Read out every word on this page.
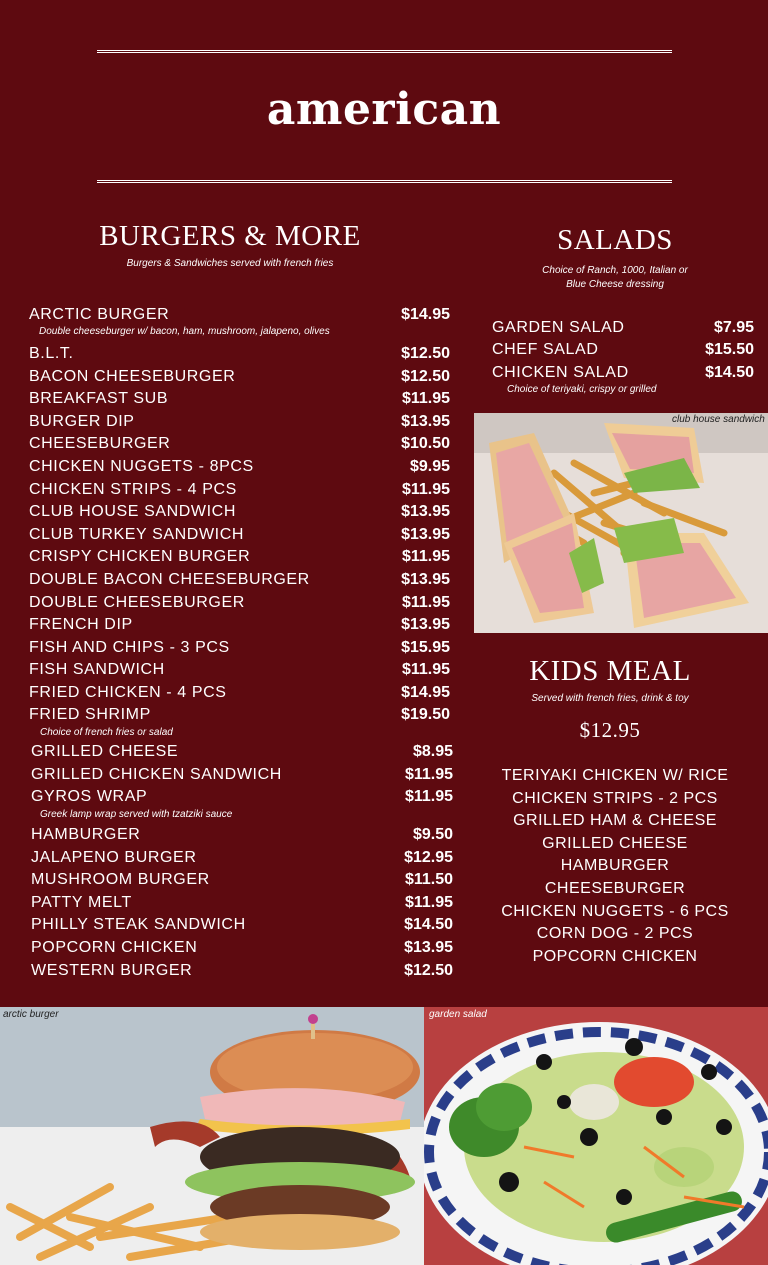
american
BURGERS & MORE
Burgers & Sandwiches served with french fries
ARCTIC BURGER	$14.95
Double cheeseburger w/ bacon, ham, mushroom, jalapeno, olives
B.L.T.	$12.50
BACON CHEESEBURGER	$12.50
BREAKFAST SUB	$11.95
BURGER DIP	$13.95
CHEESEBURGER	$10.50
CHICKEN NUGGETS - 8PCS	$9.95
CHICKEN STRIPS - 4 PCS	$11.95
CLUB HOUSE SANDWICH	$13.95
CLUB TURKEY SANDWICH	$13.95
CRISPY CHICKEN BURGER	$11.95
DOUBLE BACON CHEESEBURGER	$13.95
DOUBLE CHEESEBURGER	$11.95
FRENCH DIP	$13.95
FISH AND CHIPS - 3 PCS	$15.95
FISH SANDWICH	$11.95
FRIED CHICKEN - 4 PCS	$14.95
FRIED SHRIMP	$19.50
Choice of french fries or salad
GRILLED CHEESE	$8.95
GRILLED CHICKEN SANDWICH	$11.95
GYROS WRAP	$11.95
Greek lamp wrap served with tzatziki sauce
HAMBURGER	$9.50
JALAPENO BURGER	$12.95
MUSHROOM BURGER	$11.50
PATTY MELT	$11.95
PHILLY STEAK SANDWICH	$14.50
POPCORN CHICKEN	$13.95
WESTERN BURGER	$12.50
SALADS
Choice of Ranch, 1000, Italian or
Blue Cheese dressing
GARDEN SALAD	$7.95
CHEF SALAD	$15.50
CHICKEN SALAD	$14.50
Choice of teriyaki, crispy or grilled
club house sandwich
KIDS MEAL
Served with french fries, drink & toy
$12.95
TERIYAKI CHICKEN W/ RICE
CHICKEN STRIPS - 2 PCS
GRILLED HAM & CHEESE
GRILLED CHEESE
HAMBURGER
CHEESEBURGER
CHICKEN NUGGETS - 6 PCS
CORN DOG - 2 PCS
POPCORN CHICKEN
arctic burger	garden salad
